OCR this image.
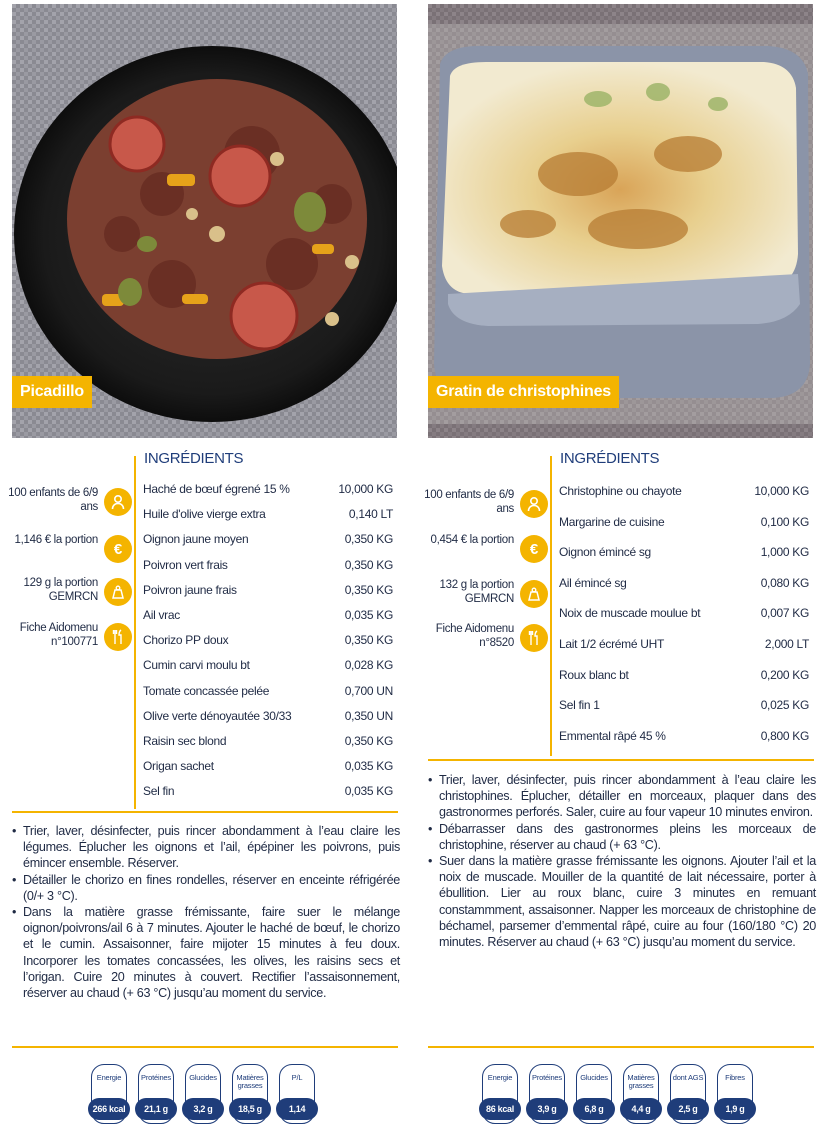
Picadillo
INGRÉDIENTS
100 enfants de 6/9 ans
1,146 € la portion
€
129 g la portion GEMRCN
Fiche Aidomenu n°100771
Haché de bœuf égrené 15 %	10,000 KG
Huile d'olive vierge extra	0,140 LT
Oignon jaune moyen	0,350 KG
Poivron vert frais	0,350 KG
Poivron jaune frais	0,350 KG
Ail vrac	0,035 KG
Chorizo PP doux	0,350 KG
Cumin carvi moulu bt	0,028 KG
Tomate concassée pelée	0,700 UN
Olive verte dénoyautée 30/33	0,350 UN
Raisin sec blond	0,350 KG
Origan sachet	0,035 KG
Sel fin	0,035 KG
• Trier, laver, désinfecter, puis rincer abondamment à l’eau claire les légumes. Éplucher les oignons et l’ail, épépiner les poivrons, puis émincer ensemble. Réserver.
• Détailler le chorizo en fines rondelles, réserver en enceinte réfrigérée (0/+ 3 °C).
• Dans la matière grasse frémissante, faire suer le mélange oignon/poivrons/ail 6 à 7 minutes. Ajouter le haché de bœuf, le chorizo et le cumin. Assaisonner, faire mijoter 15 minutes à feu doux. Incorporer les tomates concassées, les olives, les raisins secs et l’origan. Cuire 20 minutes à couvert. Rectifier l’assaisonnement, réserver au chaud (+ 63 °C) jusqu’au moment du service.
Energie
266 kcal
Protéines
21,1 g
Glucides
3,2 g
Matières grasses
18,5 g
P/L
1,14
Gratin de christophines
INGRÉDIENTS
100 enfants de 6/9 ans
0,454 € la portion
€
132 g la portion GEMRCN
Fiche Aidomenu n°8520
Christophine ou chayote	10,000 KG
Margarine de cuisine	0,100 KG
Oignon émincé sg	1,000 KG
Ail émincé sg	0,080 KG
Noix de muscade moulue bt	0,007 KG
Lait 1/2 écrémé UHT	2,000 LT
Roux blanc bt	0,200 KG
Sel fin 1	0,025 KG
Emmental râpé 45 %	0,800 KG
• Trier, laver, désinfecter, puis rincer abondamment à l’eau claire les christophines. Éplucher, détailler en morceaux, plaquer dans des gastronormes perforés. Saler, cuire au four vapeur 10 minutes environ.
• Débarrasser dans des gastronormes pleins les morceaux de christophine, réserver au chaud (+ 63 °C).
• Suer dans la matière grasse frémissante les oignons. Ajouter l’ail et la noix de muscade. Mouiller de la quantité de lait nécessaire, porter à ébullition. Lier au roux blanc, cuire 3 minutes en remuant constammment, assaisonner. Napper les morceaux de christophine de béchamel, parsemer d’emmental râpé, cuire au four (160/180 °C) 20 minutes. Réserver au chaud (+ 63 °C) jusqu’au moment du service.
Energie
86 kcal
Protéines
3,9 g
Glucides
6,8 g
Matières grasses
4,4 g
dont AGS
2,5 g
Fibres
1,9 g
